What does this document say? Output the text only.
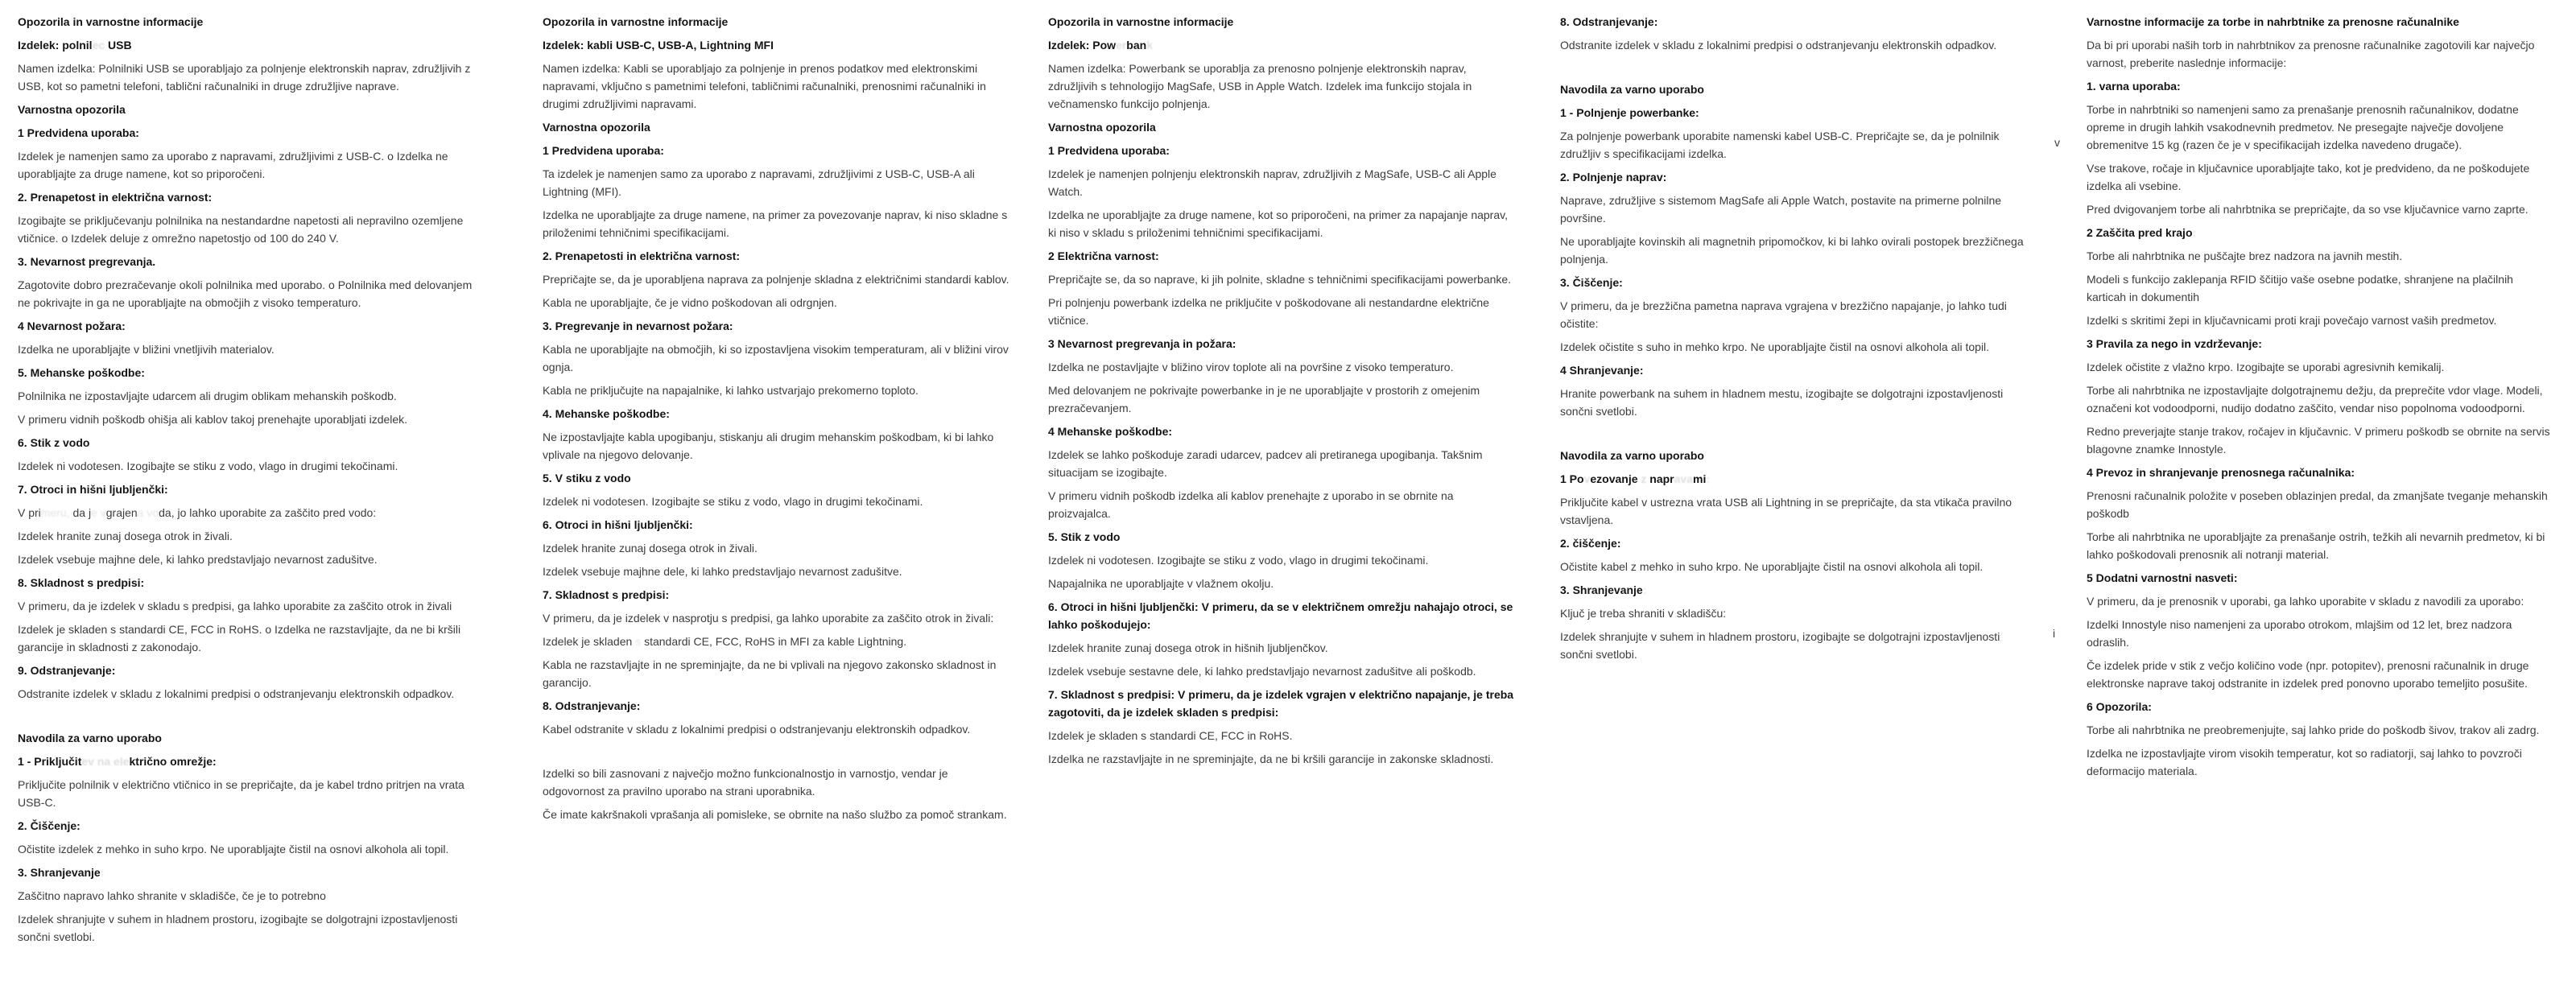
v
i
Opozorila in varnostne informacije
Izdelek: polnilec USB
Namen izdelka: Polnilniki USB se uporabljajo za polnjenje elektronskih naprav, združljivih z USB, kot so pametni telefoni, tablični računalniki in druge združljive naprave.
Varnostna opozorila
1 Predvidena uporaba:
Izdelek je namenjen samo za uporabo z napravami, združljivimi z USB-C. o Izdelka ne uporabljajte za druge namene, kot so priporočeni.
2. Prenapetost in električna varnost:
Izogibajte se priključevanju polnilnika na nestandardne napetosti ali nepravilno ozemljene vtičnice. o Izdelek deluje z omrežno napetostjo od 100 do 240 V.
3. Nevarnost pregrevanja.
Zagotovite dobro prezračevanje okoli polnilnika med uporabo. o Polnilnika med delovanjem ne pokrivajte in ga ne uporabljajte na območjih z visoko temperaturo.
4 Nevarnost požara:
Izdelka ne uporabljajte v bližini vnetljivih materialov.
5. Mehanske poškodbe:
Polnilnika ne izpostavljajte udarcem ali drugim oblikam mehanskih poškodb.
V primeru vidnih poškodb ohišja ali kablov takoj prenehajte uporabljati izdelek.
6. Stik z vodo
Izdelek ni vodotesen. Izogibajte se stiku z vodo, vlago in drugimi tekočinami.
7. Otroci in hišni ljubljenčki:
V primeru, da je vgrajena voda, jo lahko uporabite za zaščito pred vodo:
Izdelek hranite zunaj dosega otrok in živali.
Izdelek vsebuje majhne dele, ki lahko predstavljajo nevarnost zadušitve.
8. Skladnost s predpisi:
V primeru, da je izdelek v skladu s predpisi, ga lahko uporabite za zaščito otrok in živali
Izdelek je skladen s standardi CE, FCC in RoHS. o Izdelka ne razstavljajte, da ne bi kršili garancije in skladnosti z zakonodajo.
9. Odstranjevanje:
Odstranite izdelek v skladu z lokalnimi predpisi o odstranjevanju elektronskih odpadkov.
Navodila za varno uporabo
1 - Priključitev na električno omrežje:
Priključite polnilnik v električno vtičnico in se prepričajte, da je kabel trdno pritrjen na vrata USB-C.
2. Čiščenje:
Očistite izdelek z mehko in suho krpo. Ne uporabljajte čistil na osnovi alkohola ali topil.
3. Shranjevanje:
Zaščitno napravo lahko shranite v skladišče, če je to potrebno
Izdelek shranjujte v suhem in hladnem prostoru, izogibajte se dolgotrajni izpostavljenosti sončni svetlobi.
Opozorila in varnostne informacije
Izdelek: kabli USB-C, USB-A, Lightning MFI
Namen izdelka: Kabli se uporabljajo za polnjenje in prenos podatkov med elektronskimi napravami, vključno s pametnimi telefoni, tabličnimi računalniki, prenosnimi računalniki in drugimi združljivimi napravami.
Varnostna opozorila
1 Predvidena uporaba:
Ta izdelek je namenjen samo za uporabo z napravami, združljivimi z USB-C, USB-A ali Lightning (MFI).
Izdelka ne uporabljajte za druge namene, na primer za povezovanje naprav, ki niso skladne s priloženimi tehničnimi specifikacijami.
2. Prenapetosti in električna varnost:
Prepričajte se, da je uporabljena naprava za polnjenje skladna z električnimi standardi kablov.
Kabla ne uporabljajte, če je vidno poškodovan ali odrgnjen.
3. Pregrevanje in nevarnost požara:
Kabla ne uporabljajte na območjih, ki so izpostavljena visokim temperaturam, ali v bližini virov ognja.
Kabla ne priključujte na napajalnike, ki lahko ustvarjajo prekomerno toploto.
4. Mehanske poškodbe:
Ne izpostavljajte kabla upogibanju, stiskanju ali drugim mehanskim poškodbam, ki bi lahko vplivale na njegovo delovanje.
5. V stiku z vodo
Izdelek ni vodotesen. Izogibajte se stiku z vodo, vlago in drugimi tekočinami.
6. Otroci in hišni ljubljenčki:
Izdelek hranite zunaj dosega otrok in živali.
Izdelek vsebuje majhne dele, ki lahko predstavljajo nevarnost zadušitve.
7. Skladnost s predpisi:
V primeru, da je izdelek v nasprotju s predpisi, ga lahko uporabite za zaščito otrok in živali:
Izdelek je skladen s standardi CE, FCC, RoHS in MFI za kable Lightning.
Kabla ne razstavljajte in ne spreminjajte, da ne bi vplivali na njegovo zakonsko skladnost in garancijo.
8. Odstranjevanje:
Kabel odstranite v skladu z lokalnimi predpisi o odstranjevanju elektronskih odpadkov.
Izdelki so bili zasnovani z največjo možno funkcionalnostjo in varnostjo, vendar je odgovornost za pravilno uporabo na strani uporabnika.
Če imate kakršnakoli vprašanja ali pomisleke, se obrnite na našo službo za pomoč strankam.
Opozorila in varnostne informacije
Izdelek: Powerbank
Namen izdelka: Powerbank se uporablja za prenosno polnjenje elektronskih naprav, združljivih s tehnologijo MagSafe, USB in Apple Watch. Izdelek ima funkcijo stojala in večnamensko funkcijo polnjenja.
Varnostna opozorila
1 Predvidena uporaba:
Izdelek je namenjen polnjenju elektronskih naprav, združljivih z MagSafe, USB-C ali Apple Watch.
Izdelka ne uporabljajte za druge namene, kot so priporočeni, na primer za napajanje naprav, ki niso v skladu s priloženimi tehničnimi specifikacijami.
2 Električna varnost:
Prepričajte se, da so naprave, ki jih polnite, skladne s tehničnimi specifikacijami powerbanke.
Pri polnjenju powerbank izdelka ne priključite v poškodovane ali nestandardne električne vtičnice.
3 Nevarnost pregrevanja in požara:
Izdelka ne postavljajte v bližino virov toplote ali na površine z visoko temperaturo.
Med delovanjem ne pokrivajte powerbanke in je ne uporabljajte v prostorih z omejenim prezračevanjem.
4 Mehanske poškodbe:
Izdelek se lahko poškoduje zaradi udarcev, padcev ali pretiranega upogibanja. Takšnim situacijam se izogibajte.
V primeru vidnih poškodb izdelka ali kablov prenehajte z uporabo in se obrnite na proizvajalca.
5. Stik z vodo
Izdelek ni vodotesen. Izogibajte se stiku z vodo, vlago in drugimi tekočinami.
Napajalnika ne uporabljajte v vlažnem okolju.
6. Otroci in hišni ljubljenčki: V primeru, da se v električnem omrežju nahajajo otroci, se lahko poškodujejo:
Izdelek hranite zunaj dosega otrok in hišnih ljubljenčkov.
Izdelek vsebuje sestavne dele, ki lahko predstavljajo nevarnost zadušitve ali poškodb.
7. Skladnost s predpisi: V primeru, da je izdelek vgrajen v električno napajanje, je treba zagotoviti, da je izdelek skladen s predpisi:
Izdelek je skladen s standardi CE, FCC in RoHS.
Izdelka ne razstavljajte in ne spreminjajte, da ne bi kršili garancije in zakonske skladnosti.
8. Odstranjevanje:
Odstranite izdelek v skladu z lokalnimi predpisi o odstranjevanju elektronskih odpadkov.
Navodila za varno uporabo
1 - Polnjenje powerbanke:
Za polnjenje powerbank uporabite namenski kabel USB-C. Prepričajte se, da je polnilnik združljiv s specifikacijami izdelka.
2. Polnjenje naprav:
Naprave, združljive s sistemom MagSafe ali Apple Watch, postavite na primerne polnilne površine.
Ne uporabljajte kovinskih ali magnetnih pripomočkov, ki bi lahko ovirali postopek brezžičnega polnjenja.
3. Čiščenje:
V primeru, da je brezžična pametna naprava vgrajena v brezžično napajanje, jo lahko tudi očistite:
Izdelek očistite s suho in mehko krpo. Ne uporabljajte čistil na osnovi alkohola ali topil.
4 Shranjevanje:
Hranite powerbank na suhem in hladnem mestu, izogibajte se dolgotrajni izpostavljenosti sončni svetlobi.
Navodila za varno uporabo
1 Povezovanje z napravami:
Priključite kabel v ustrezna vrata USB ali Lightning in se prepričajte, da sta vtikača pravilno vstavljena.
2. čiščenje:
Očistite kabel z mehko in suho krpo. Ne uporabljajte čistil na osnovi alkohola ali topil.
3. Shranjevanje:
Ključ je treba shraniti v skladišču:
Izdelek shranjujte v suhem in hladnem prostoru, izogibajte se dolgotrajni izpostavljenosti sončni svetlobi.
Varnostne informacije za torbe in nahrbtnike za prenosne računalnike
Da bi pri uporabi naših torb in nahrbtnikov za prenosne računalnike zagotovili kar največjo varnost, preberite naslednje informacije:
1. varna uporaba:
Torbe in nahrbtniki so namenjeni samo za prenašanje prenosnih računalnikov, dodatne opreme in drugih lahkih vsakodnevnih predmetov. Ne presegajte največje dovoljene obremenitve 15 kg (razen če je v specifikacijah izdelka navedeno drugače).
Vse trakove, ročaje in ključavnice uporabljajte tako, kot je predvideno, da ne poškodujete izdelka ali vsebine.
Pred dvigovanjem torbe ali nahrbtnika se prepričajte, da so vse ključavnice varno zaprte.
2 Zaščita pred krajo:
Torbe ali nahrbtnika ne puščajte brez nadzora na javnih mestih.
Modeli s funkcijo zaklepanja RFID ščitijo vaše osebne podatke, shranjene na plačilnih karticah in dokumentih
Izdelki s skritimi žepi in ključavnicami proti kraji povečajo varnost vaših predmetov.
3 Pravila za nego in vzdrževanje:
Izdelek očistite z vlažno krpo. Izogibajte se uporabi agresivnih kemikalij.
Torbe ali nahrbtnika ne izpostavljajte dolgotrajnemu dežju, da preprečite vdor vlage. Modeli, označeni kot vodoodporni, nudijo dodatno zaščito, vendar niso popolnoma vodoodporni.
Redno preverjajte stanje trakov, ročajev in ključavnic. V primeru poškodb se obrnite na servis blagovne znamke Innostyle.
4 Prevoz in shranjevanje prenosnega računalnika:
Prenosni računalnik položite v poseben oblazinjen predal, da zmanjšate tveganje mehanskih poškodb
Torbe ali nahrbtnika ne uporabljajte za prenašanje ostrih, težkih ali nevarnih predmetov, ki bi lahko poškodovali prenosnik ali notranji material.
5 Dodatni varnostni nasveti:
V primeru, da je prenosnik v uporabi, ga lahko uporabite v skladu z navodili za uporabo:
Izdelki Innostyle niso namenjeni za uporabo otrokom, mlajšim od 12 let, brez nadzora odraslih.
Če izdelek pride v stik z večjo količino vode (npr. potopitev), prenosni računalnik in druge elektronske naprave takoj odstranite in izdelek pred ponovno uporabo temeljito posušite.
6 Opozorila:
Torbe ali nahrbtnika ne preobremenjujte, saj lahko pride do poškodb šivov, trakov ali zadrg.
Izdelka ne izpostavljajte virom visokih temperatur, kot so radiatorji, saj lahko to povzroči deformacijo materiala.
